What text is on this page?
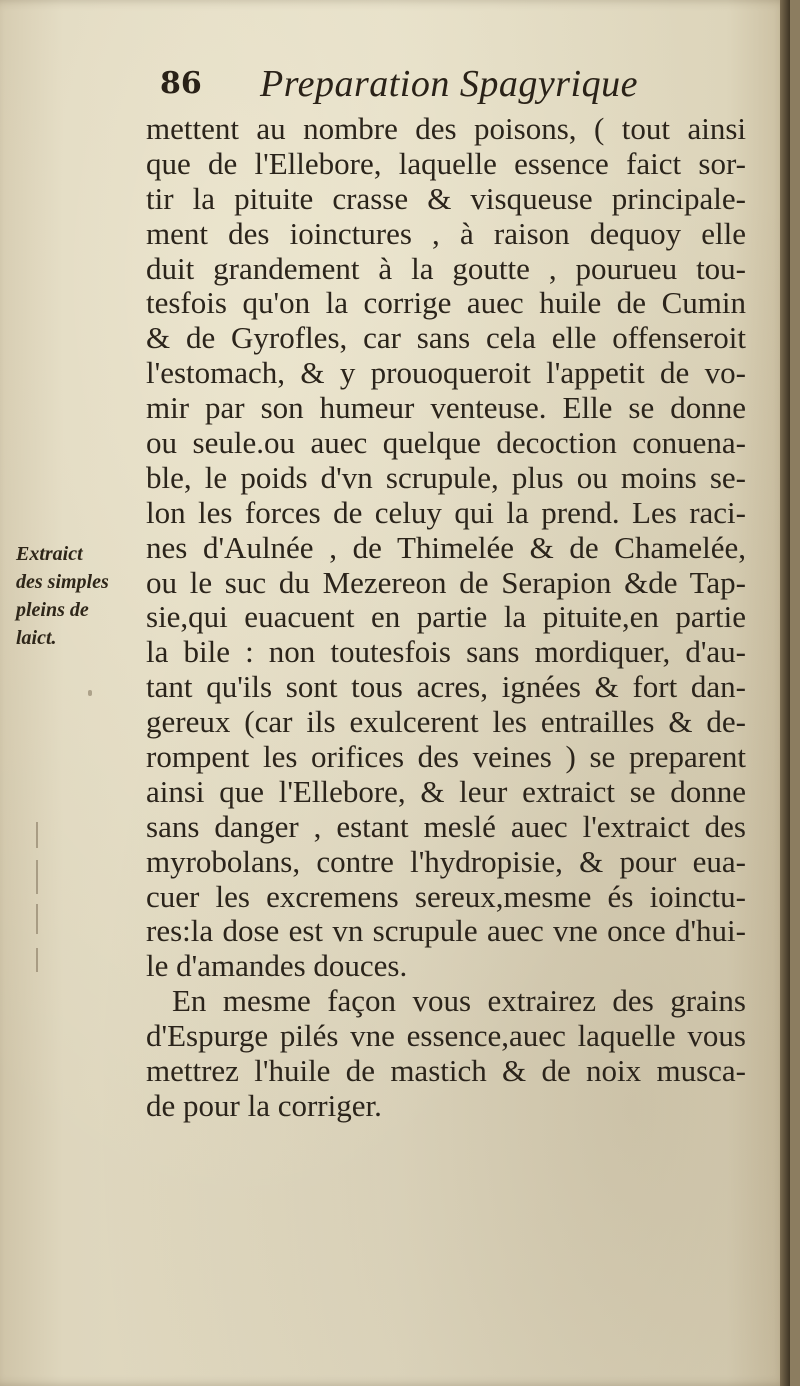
86 Preparation Spagyrique
Extraict
des simples
pleins de
laict.
mettent au nombre des poisons, ( tout ainsi
que de l'Ellebore, laquelle essence faict sor-
tir la pituite crasse & visqueuse principale-
ment des ioinctures , à raison dequoy elle
duit grandement à la goutte , pourueu tou-
tesfois qu'on la corrige auec huile de Cumin
& de Gyrofles, car sans cela elle offenseroit
l'estomach, & y prouoqueroit l'appetit de vo-
mir par son humeur venteuse. Elle se donne
ou seule.ou auec quelque decoction conuena-
ble, le poids d'vn scrupule, plus ou moins se-
lon les forces de celuy qui la prend. Les raci-
nes d'Aulnée , de Thimelée & de Chamelée,
ou le suc du Mezereon de Serapion &de Tap-
sie,qui euacuent en partie la pituite,en partie
la bile : non toutesfois sans mordiquer, d'au-
tant qu'ils sont tous acres, ignées & fort dan-
gereux (car ils exulcerent les entrailles & de-
rompent les orifices des veines ) se preparent
ainsi que l'Ellebore, & leur extraict se donne
sans danger , estant meslé auec l'extraict des
myrobolans, contre l'hydropisie, & pour eua-
cuer les excremens sereux,mesme és ioinctu-
res:la dose est vn scrupule auec vne once d'hui-
le d'amandes douces.
En mesme façon vous extrairez des grains
d'Espurge pilés vne essence,auec laquelle vous
mettrez l'huile de mastich & de noix musca-
de pour la corriger.
